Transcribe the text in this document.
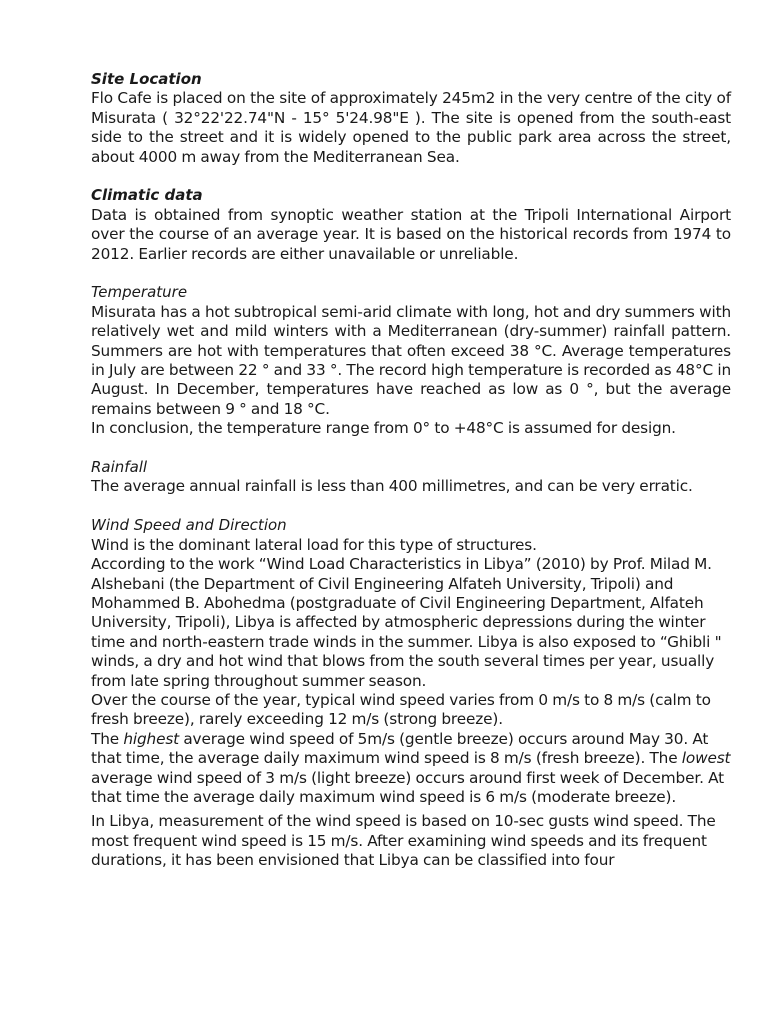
Site Location

Flo Cafe is placed on the site of approximately 245m2 in the very centre of the city of Misurata ( 32°22'22.74"N - 15° 5'24.98"E ). The site is opened from the south-east side to the street and it is widely opened to the public park area across the street, about 4000 m away from the Mediterranean Sea.

Climatic data

Data is obtained from synoptic weather station at the Tripoli International Airport over the course of an average year. It is based on the historical records from 1974 to 2012. Earlier records are either unavailable or unreliable.

Temperature

Misurata has a hot subtropical semi-arid climate with long, hot and dry summers with relatively wet and mild winters with a Mediterranean (dry-summer) rainfall pattern. Summers are hot with temperatures that often exceed 38 °C. Average temperatures in July are between 22 ° and 33 °. The record high temperature is recorded as 48°C in August. In December, temperatures have reached as low as 0 °, but the average remains between 9 ° and 18 °C.

In conclusion, the temperature range from 0° to +48°C is assumed for design.

Rainfall

The average annual rainfall is less than 400 millimetres, and can be very erratic.

Wind Speed and Direction

Wind is the dominant lateral load for this type of structures.

According to the work “Wind Load Characteristics in Libya” (2010) by Prof. Milad M. Alshebani (the Department of Civil Engineering Alfateh University, Tripoli) and Mohammed B. Abohedma (postgraduate of Civil Engineering Department, Alfateh University, Tripoli), Libya is affected by atmospheric depressions during the winter time and north-eastern trade winds in the summer. Libya is also exposed to “Ghibli " winds, a dry and hot wind that blows from the south several times per year, usually from late spring throughout summer season.

Over the course of the year, typical wind speed varies from 0 m/s to 8 m/s (calm to fresh breeze), rarely exceeding 12 m/s (strong breeze).

The highest average wind speed of 5m/s (gentle breeze) occurs around May 30. At that time, the average daily maximum wind speed is 8 m/s (fresh breeze). The lowest average wind speed of 3 m/s (light breeze) occurs around first week of December. At that time the average daily maximum wind speed is 6 m/s (moderate breeze).

In Libya, measurement of the wind speed is based on 10-sec gusts wind speed. The most frequent wind speed is 15 m/s. After examining wind speeds and its frequent durations, it has been envisioned that Libya can be classified into four
